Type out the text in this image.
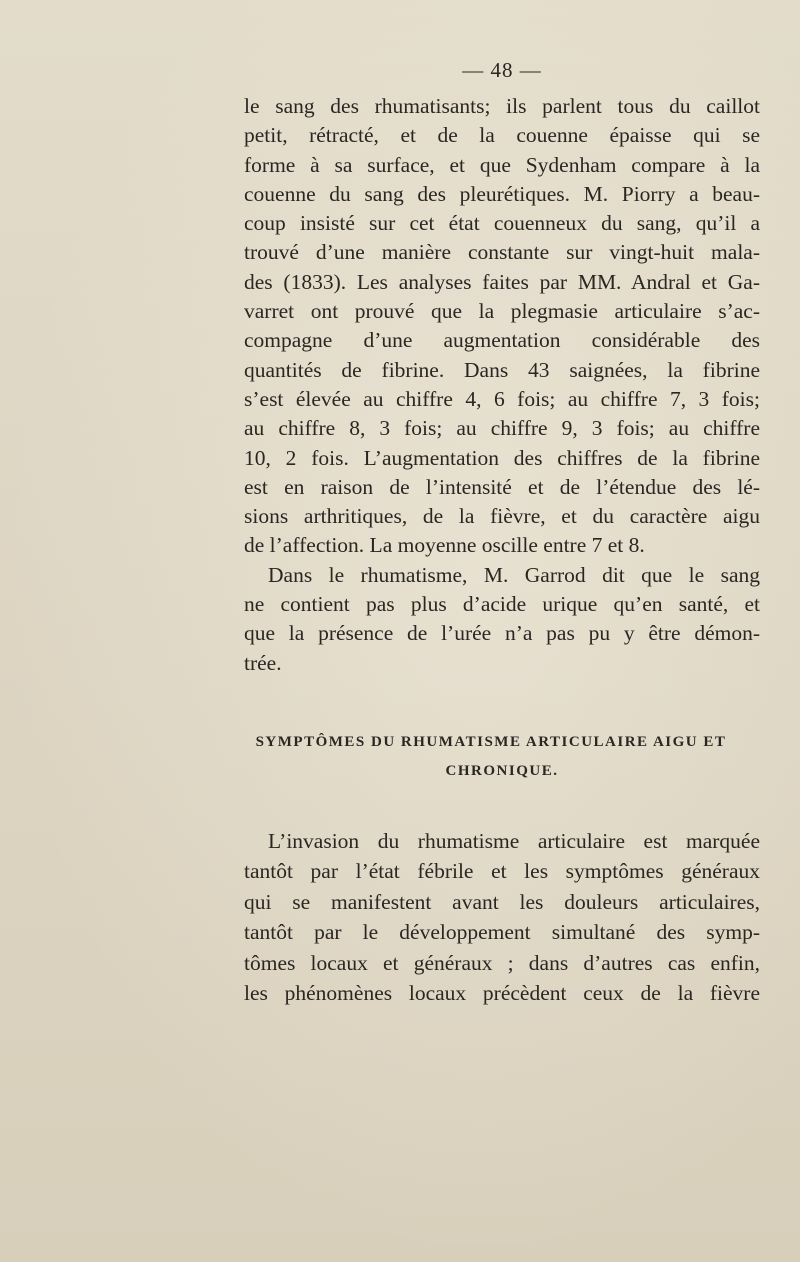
— 48 —

le sang des rhumatisants; ils parlent tous du caillot
petit, rétracté, et de la couenne épaisse qui se
forme à sa surface, et que Sydenham compare à la
couenne du sang des pleurétiques. M. Piorry a beau-
coup insisté sur cet état couenneux du sang, qu’il a
trouvé d’une manière constante sur vingt-huit mala-
des (1833). Les analyses faites par MM. Andral et Ga-
varret ont prouvé que la plegmasie articulaire s’ac-
compagne d’une augmentation considérable des
quantités de fibrine. Dans 43 saignées, la fibrine
s’est élevée au chiffre 4, 6 fois; au chiffre 7, 3 fois;
au chiffre 8, 3 fois; au chiffre 9, 3 fois; au chiffre
10, 2 fois. L’augmentation des chiffres de la fibrine
est en raison de l’intensité et de l’étendue des lé-
sions arthritiques, de la fièvre, et du caractère aigu
de l’affection. La moyenne oscille entre 7 et 8.

Dans le rhumatisme, M. Garrod dit que le sang
ne contient pas plus d’acide urique qu’en santé, et
que la présence de l’urée n’a pas pu y être démon-
trée.

SYMPTÔMES DU RHUMATISME ARTICULAIRE AIGU ET
CHRONIQUE.

L’invasion du rhumatisme articulaire est marquée
tantôt par l’état fébrile et les symptômes généraux
qui se manifestent avant les douleurs articulaires,
tantôt par le développement simultané des symp-
tômes locaux et généraux ; dans d’autres cas enfin,
les phénomènes locaux précèdent ceux de la fièvre
